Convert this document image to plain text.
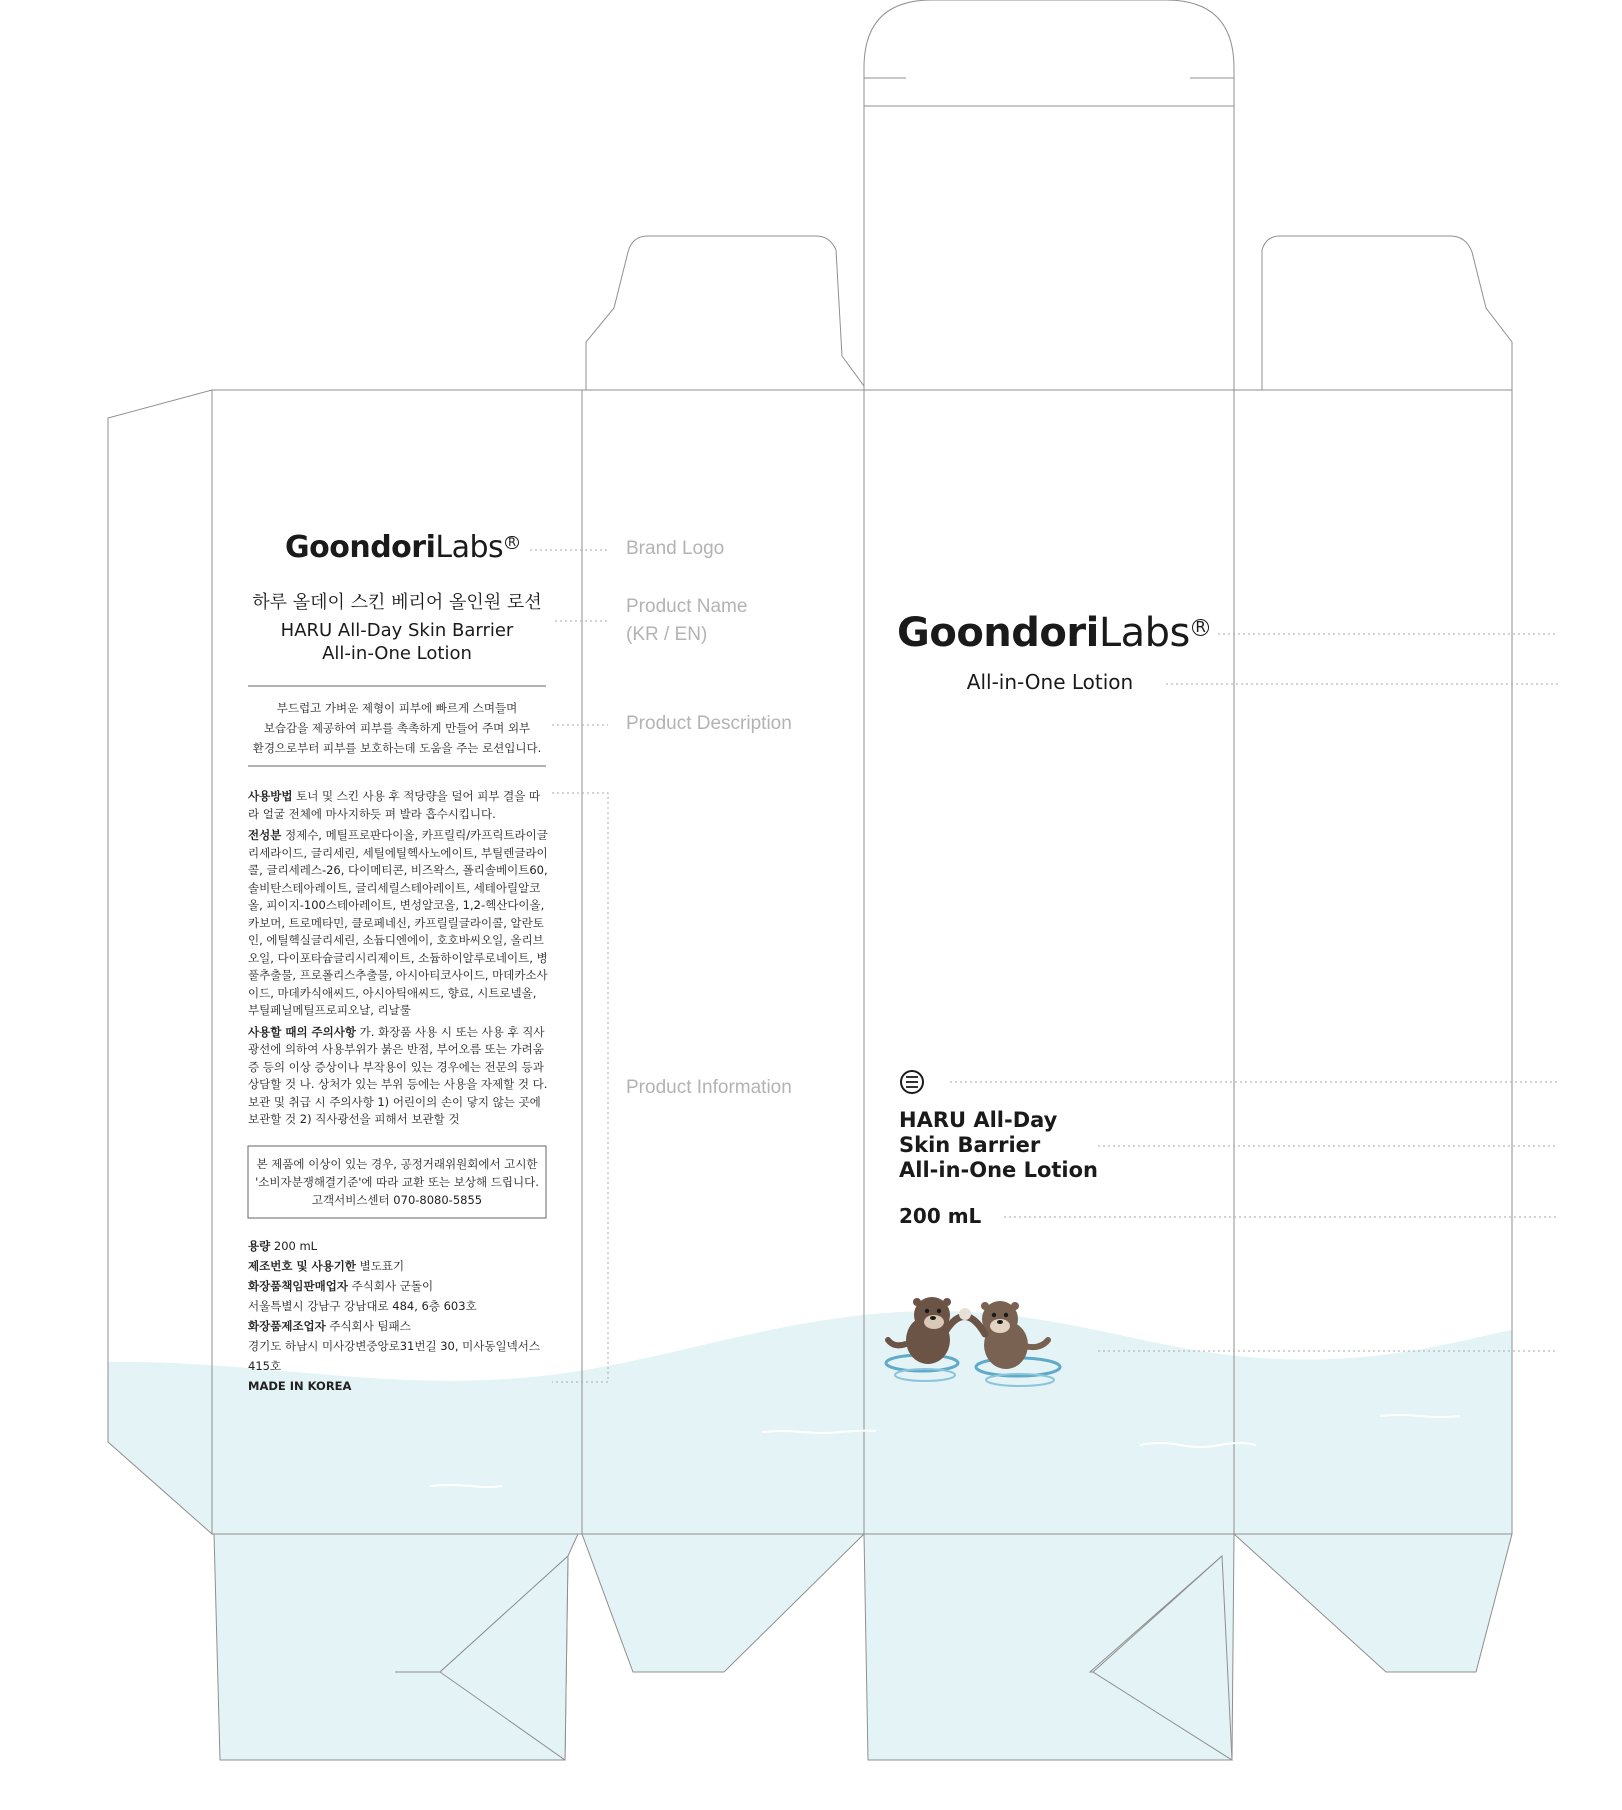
GoondoriLabs R
하루 올데이 스킨 베리어 올인원 로션
HARU All-Day Skin Barrier
All-in-One Lotion
부드럽고 가벼운 제형이 피부에 빠르게 스며들며
보습감을 제공하여 피부를 촉촉하게 만들어 주며 외부
환경으로부터 피부를 보호하는데 도움을 주는 로션입니다.
사용방법 토너 및 스킨 사용 후 적당량을 덜어 피부 결을 따라 얼굴 전체에 마사지하듯 펴 발라 흡수시킵니다.
전성분 정제수, 메틸프로판다이올, 카프릴릭/카프릭트라이글리세라이드, 글리세린, 세틸에틸헥사노에이트, 부틸렌글라이콜, 글리세레스-26, 다이메티콘, 비즈왁스, 폴리솔베이트60, 솔비탄스테아레이트, 글리세릴스테아레이트, 세테아릴알코올, 피이지-100스테아레이트, 변성알코올, 1,2-헥산다이올, 카보머, 트로메타민, 클로페네신, 카프릴릴글라이콜, 알란토인, 에틸헥실글리세린, 소듐디엔에이, 호호바씨오일, 올리브오일, 다이포타슘글리시리제이트, 소듐하이알루로네이트, 병풀추출물, 프로폴리스추출물, 아시아티코사이드, 마데카소사이드, 마데카식애씨드, 아시아틱애씨드, 향료, 시트로넬올, 부틸페닐메틸프로피오날, 리날룰
사용할 때의 주의사항 가. 화장품 사용 시 또는 사용 후 직사광선에 의하여 사용부위가 붉은 반점, 부어오름 또는 가려움증 등의 이상 증상이나 부작용이 있는 경우에는 전문의 등과 상담할 것 나. 상처가 있는 부위 등에는 사용을 자제할 것 다. 보관 및 취급 시 주의사항 1) 어린이의 손이 닿지 않는 곳에 보관할 것 2) 직사광선을 피해서 보관할 것
본 제품에 이상이 있는 경우, 공정거래위원회에서 고시한
'소비자분쟁해결기준'에 따라 교환 또는 보상해 드립니다.
고객서비스센터 070-8080-5855
용량 200 mL
제조번호 및 사용기한 별도표기
화장품책임판매업자 주식회사 군돌이
서울특별시 강남구 강남대로 484, 6층 603호
화장품제조업자 주식회사 팀패스
경기도 하남시 미사강변중앙로31번길 30, 미사동일넥서스 415호
MADE IN KOREA
Brand Logo
Product Name
(KR / EN)
Product Description
Product Information
GoondoriLabs R
All-in-One Lotion
HARU All-Day
Skin Barrier
All-in-One Lotion
200 mL
